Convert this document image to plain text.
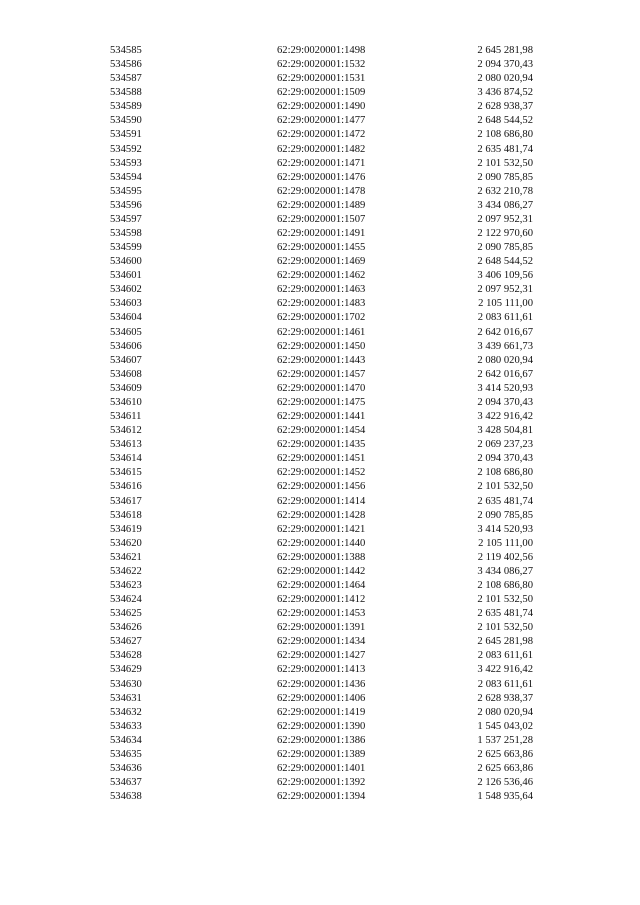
534585	62:29:0020001:1498	2 645 281,98
534586	62:29:0020001:1532	2 094 370,43
534587	62:29:0020001:1531	2 080 020,94
534588	62:29:0020001:1509	3 436 874,52
534589	62:29:0020001:1490	2 628 938,37
534590	62:29:0020001:1477	2 648 544,52
534591	62:29:0020001:1472	2 108 686,80
534592	62:29:0020001:1482	2 635 481,74
534593	62:29:0020001:1471	2 101 532,50
534594	62:29:0020001:1476	2 090 785,85
534595	62:29:0020001:1478	2 632 210,78
534596	62:29:0020001:1489	3 434 086,27
534597	62:29:0020001:1507	2 097 952,31
534598	62:29:0020001:1491	2 122 970,60
534599	62:29:0020001:1455	2 090 785,85
534600	62:29:0020001:1469	2 648 544,52
534601	62:29:0020001:1462	3 406 109,56
534602	62:29:0020001:1463	2 097 952,31
534603	62:29:0020001:1483	2 105 111,00
534604	62:29:0020001:1702	2 083 611,61
534605	62:29:0020001:1461	2 642 016,67
534606	62:29:0020001:1450	3 439 661,73
534607	62:29:0020001:1443	2 080 020,94
534608	62:29:0020001:1457	2 642 016,67
534609	62:29:0020001:1470	3 414 520,93
534610	62:29:0020001:1475	2 094 370,43
534611	62:29:0020001:1441	3 422 916,42
534612	62:29:0020001:1454	3 428 504,81
534613	62:29:0020001:1435	2 069 237,23
534614	62:29:0020001:1451	2 094 370,43
534615	62:29:0020001:1452	2 108 686,80
534616	62:29:0020001:1456	2 101 532,50
534617	62:29:0020001:1414	2 635 481,74
534618	62:29:0020001:1428	2 090 785,85
534619	62:29:0020001:1421	3 414 520,93
534620	62:29:0020001:1440	2 105 111,00
534621	62:29:0020001:1388	2 119 402,56
534622	62:29:0020001:1442	3 434 086,27
534623	62:29:0020001:1464	2 108 686,80
534624	62:29:0020001:1412	2 101 532,50
534625	62:29:0020001:1453	2 635 481,74
534626	62:29:0020001:1391	2 101 532,50
534627	62:29:0020001:1434	2 645 281,98
534628	62:29:0020001:1427	2 083 611,61
534629	62:29:0020001:1413	3 422 916,42
534630	62:29:0020001:1436	2 083 611,61
534631	62:29:0020001:1406	2 628 938,37
534632	62:29:0020001:1419	2 080 020,94
534633	62:29:0020001:1390	1 545 043,02
534634	62:29:0020001:1386	1 537 251,28
534635	62:29:0020001:1389	2 625 663,86
534636	62:29:0020001:1401	2 625 663,86
534637	62:29:0020001:1392	2 126 536,46
534638	62:29:0020001:1394	1 548 935,64
